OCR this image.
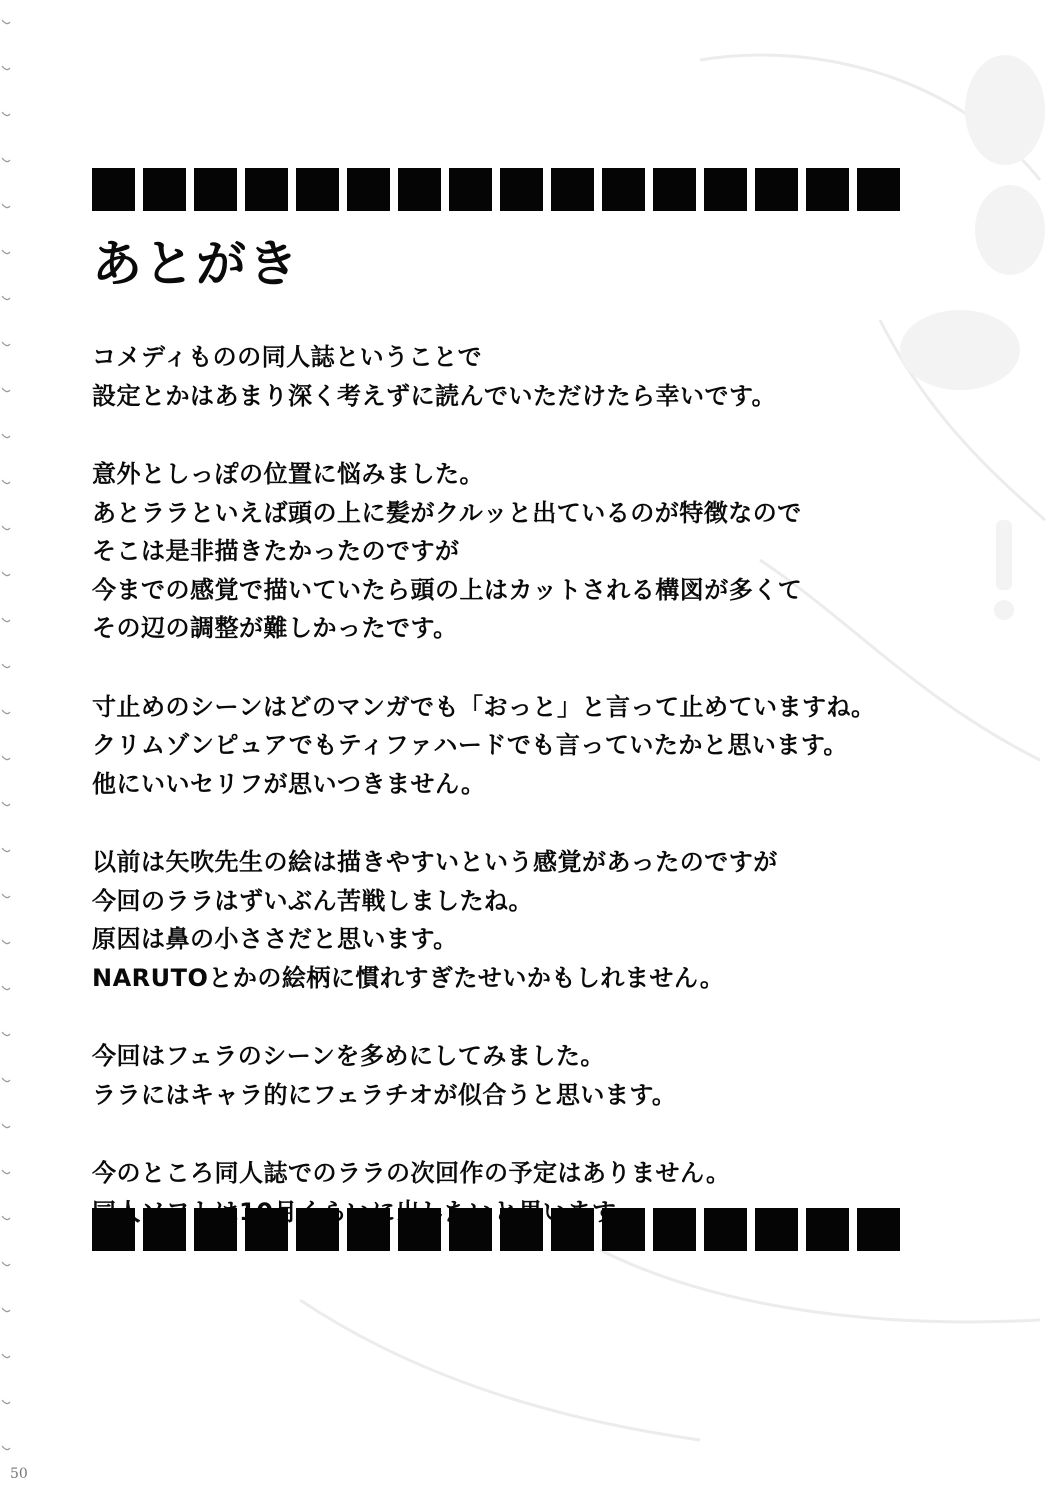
あとがき
コメディものの同人誌ということで
設定とかはあまり深く考えずに読んでいただけたら幸いです。
意外としっぽの位置に悩みました。
あとララといえば頭の上に髪がクルッと出ているのが特徴なので
そこは是非描きたかったのですが
今までの感覚で描いていたら頭の上はカットされる構図が多くて
その辺の調整が難しかったです。
寸止めのシーンはどのマンガでも「おっと」と言って止めていますね。
クリムゾンピュアでもティファハードでも言っていたかと思います。
他にいいセリフが思いつきません。
以前は矢吹先生の絵は描きやすいという感覚があったのですが
今回のララはずいぶん苦戦しましたね。
原因は鼻の小ささだと思います。
NARUTOとかの絵柄に慣れすぎたせいかもしれません。
今回はフェラのシーンを多めにしてみました。
ララにはキャラ的にフェラチオが似合うと思います。
今のところ同人誌でのララの次回作の予定はありません。
50
